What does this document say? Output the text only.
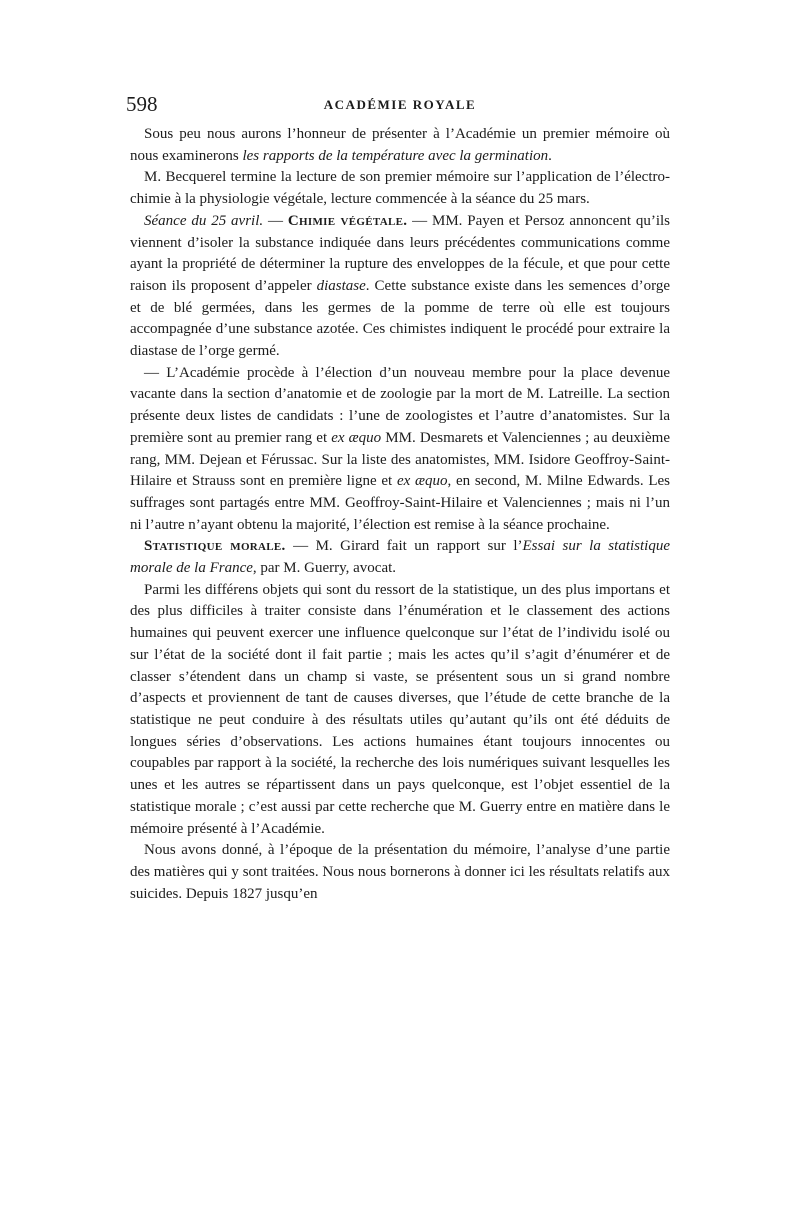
598	ACADÉMIE ROYALE

Sous peu nous aurons l’honneur de présenter à l’Académie un premier mémoire où nous examinerons les rapports de la température avec la germination.

M. Becquerel termine la lecture de son premier mémoire sur l’application de l’électro-chimie à la physiologie végétale, lecture commencée à la séance du 25 mars.

Séance du 25 avril. — Chimie végétale. — MM. Payen et Persoz annoncent qu’ils viennent d’isoler la substance indiquée dans leurs précédentes communications comme ayant la propriété de déterminer la rupture des enveloppes de la fécule, et que pour cette raison ils proposent d’appeler diastase. Cette substance existe dans les semences d’orge et de blé germées, dans les germes de la pomme de terre où elle est toujours accompagnée d’une substance azotée. Ces chimistes indiquent le procédé pour extraire la diastase de l’orge germé.

— L’Académie procède à l’élection d’un nouveau membre pour la place devenue vacante dans la section d’anatomie et de zoologie par la mort de M. Latreille. La section présente deux listes de candidats : l’une de zoologistes et l’autre d’anatomistes. Sur la première sont au premier rang et ex æquo MM. Desmarets et Valenciennes ; au deuxième rang, MM. Dejean et Férussac. Sur la liste des anatomistes, MM. Isidore Geoffroy-Saint-Hilaire et Strauss sont en première ligne et ex æquo, en second, M. Milne Edwards. Les suffrages sont partagés entre MM. Geoffroy-Saint-Hilaire et Valenciennes ; mais ni l’un ni l’autre n’ayant obtenu la majorité, l’élection est remise à la séance prochaine.

Statistique morale. — M. Girard fait un rapport sur l’Essai sur la statistique morale de la France, par M. Guerry, avocat.

Parmi les différens objets qui sont du ressort de la statistique, un des plus importans et des plus difficiles à traiter consiste dans l’énumération et le classement des actions humaines qui peuvent exercer une influence quelconque sur l’état de l’individu isolé ou sur l’état de la société dont il fait partie ; mais les actes qu’il s’agit d’énumérer et de classer s’étendent dans un champ si vaste, se présentent sous un si grand nombre d’aspects et proviennent de tant de causes diverses, que l’étude de cette branche de la statistique ne peut conduire à des résultats utiles qu’autant qu’ils ont été déduits de longues séries d’observations. Les actions humaines étant toujours innocentes ou coupables par rapport à la société, la recherche des lois numériques suivant lesquelles les unes et les autres se répartissent dans un pays quelconque, est l’objet essentiel de la statistique morale ; c’est aussi par cette recherche que M. Guerry entre en matière dans le mémoire présenté à l’Académie.

Nous avons donné, à l’époque de la présentation du mémoire, l’analyse d’une partie des matières qui y sont traitées. Nous nous bornerons à donner ici les résultats relatifs aux suicides. Depuis 1827 jusqu’en
